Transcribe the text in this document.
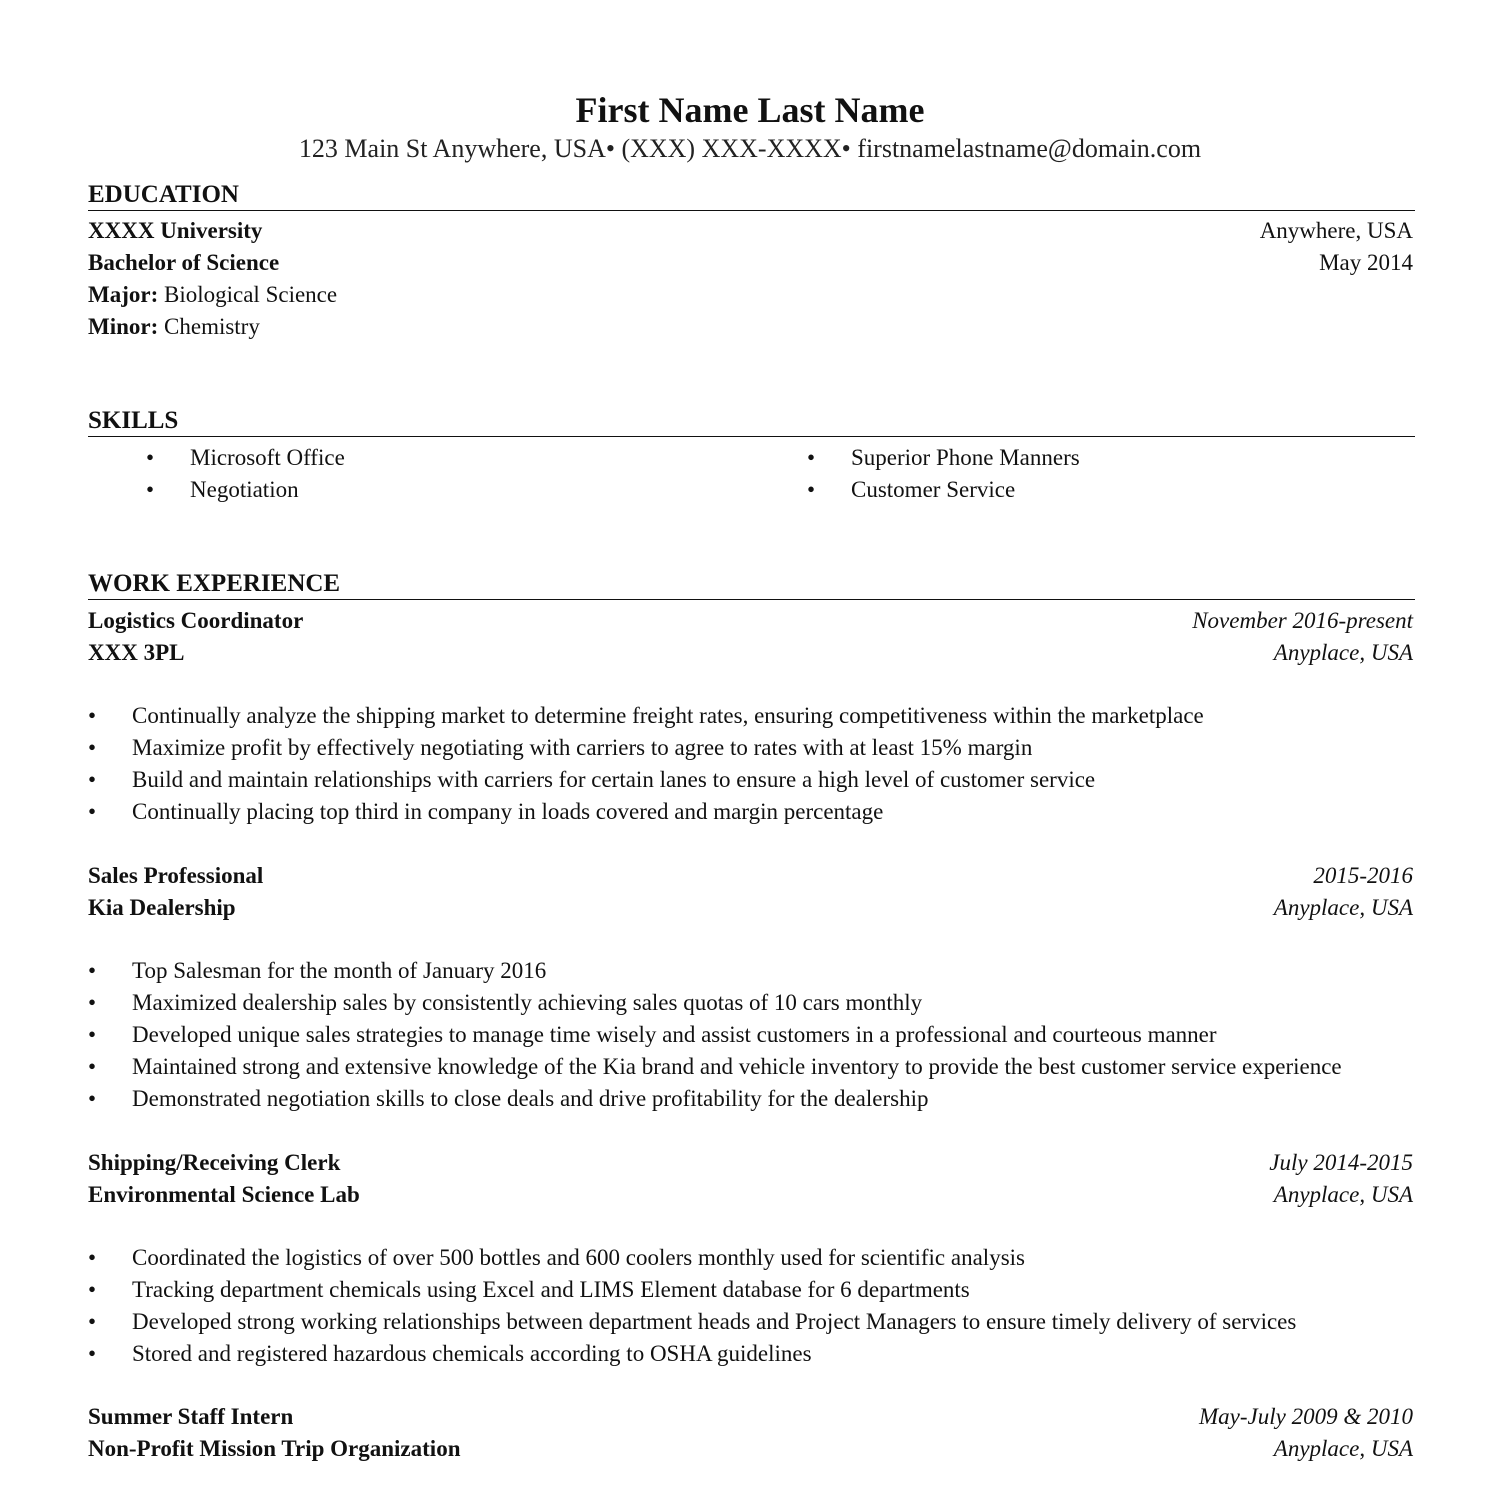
First Name Last Name
123 Main St Anywhere, USA• (XXX) XXX-XXXX• firstnamelastname@domain.com
EDUCATION
XXXX University	Anywhere, USA
Bachelor of Science	May 2014
Major: Biological Science
Minor: Chemistry
SKILLS
• Microsoft Office
• Negotiation
• Superior Phone Manners
• Customer Service
WORK EXPERIENCE
Logistics Coordinator	November 2016-present
XXX 3PL	Anyplace, USA
• Continually analyze the shipping market to determine freight rates, ensuring competitiveness within the marketplace
• Maximize profit by effectively negotiating with carriers to agree to rates with at least 15% margin
• Build and maintain relationships with carriers for certain lanes to ensure a high level of customer service
• Continually placing top third in company in loads covered and margin percentage
Sales Professional	2015-2016
Kia Dealership	Anyplace, USA
• Top Salesman for the month of January 2016
• Maximized dealership sales by consistently achieving sales quotas of 10 cars monthly
• Developed unique sales strategies to manage time wisely and assist customers in a professional and courteous manner
• Maintained strong and extensive knowledge of the Kia brand and vehicle inventory to provide the best customer service experience
• Demonstrated negotiation skills to close deals and drive profitability for the dealership
Shipping/Receiving Clerk	July 2014-2015
Environmental Science Lab	Anyplace, USA
• Coordinated the logistics of over 500 bottles and 600 coolers monthly used for scientific analysis
• Tracking department chemicals using Excel and LIMS Element database for 6 departments
• Developed strong working relationships between department heads and Project Managers to ensure timely delivery of services
• Stored and registered hazardous chemicals according to OSHA guidelines
Summer Staff Intern	May-July 2009 & 2010
Non-Profit Mission Trip Organization	Anyplace, USA
